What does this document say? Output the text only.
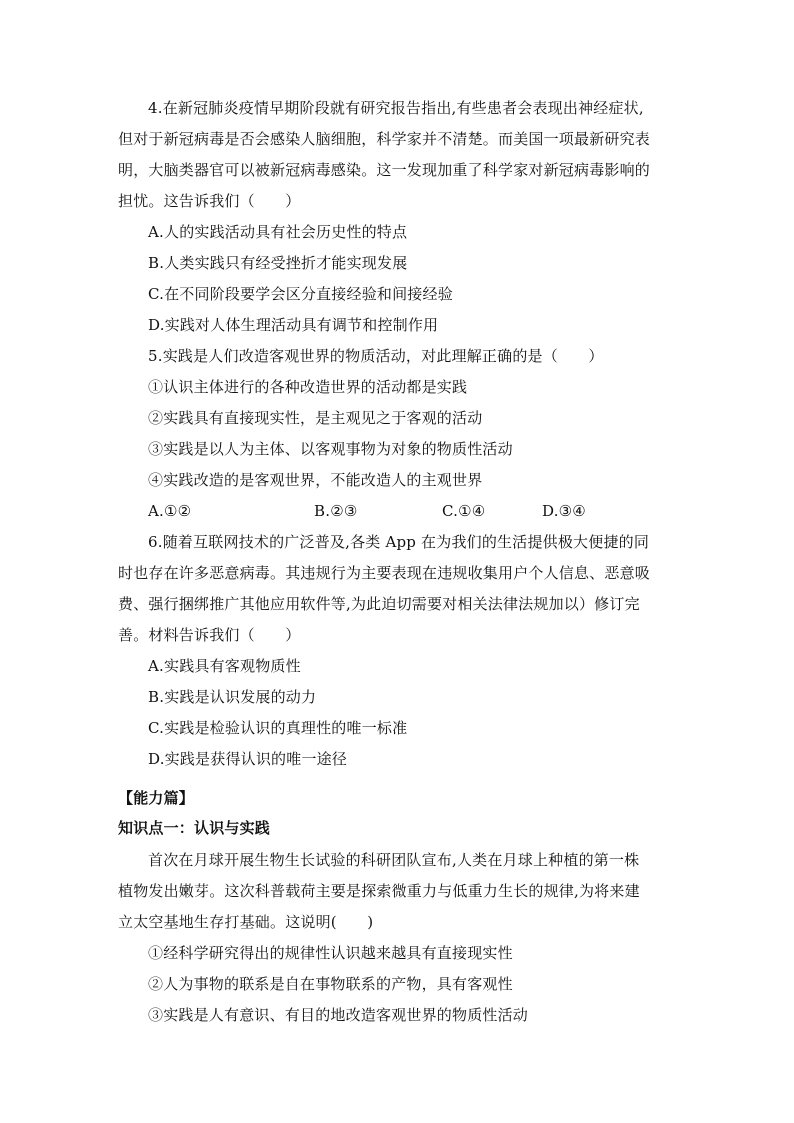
4.在新冠肺炎疫情早期阶段就有研究报告指出,有些患者会表现出神经症状,
但对于新冠病毒是否会感染人脑细胞，科学家并不清楚。而美国一项最新研究表
明，大脑类器官可以被新冠病毒感染。这一发现加重了科学家对新冠病毒影响的
担忧。这告诉我们（　　）
A.人的实践活动具有社会历史性的特点
B.人类实践只有经受挫折才能实现发展
C.在不同阶段要学会区分直接经验和间接经验
D.实践对人体生理活动具有调节和控制作用
5.实践是人们改造客观世界的物质活动，对此理解正确的是（　　）
①认识主体进行的各种改造世界的活动都是实践
②实践具有直接现实性，是主观见之于客观的活动
③实践是以人为主体、以客观事物为对象的物质性活动
④实践改造的是客观世界，不能改造人的主观世界
A.①②	B.②③	C.①④	D.③④
6.随着互联网技术的广泛普及,各类 App 在为我们的生活提供极大便捷的同
时也存在许多恶意病毒。其违规行为主要表现在违规收集用户个人信息、恶意吸
费、强行捆绑推广其他应用软件等,为此迫切需要对相关法律法规加以）修订完
善。材料告诉我们（　　）
A.实践具有客观物质性
B.实践是认识发展的动力
C.实践是检验认识的真理性的唯一标准
D.实践是获得认识的唯一途径
【能力篇】
知识点一：认识与实践
首次在月球开展生物生长试验的科研团队宣布,人类在月球上种植的第一株
植物发出嫩芽。这次科普载荷主要是探索微重力与低重力生长的规律,为将来建
立太空基地生存打基础。这说明(　　)
①经科学研究得出的规律性认识越来越具有直接现实性
②人为事物的联系是自在事物联系的产物，具有客观性
③实践是人有意识、有目的地改造客观世界的物质性活动
